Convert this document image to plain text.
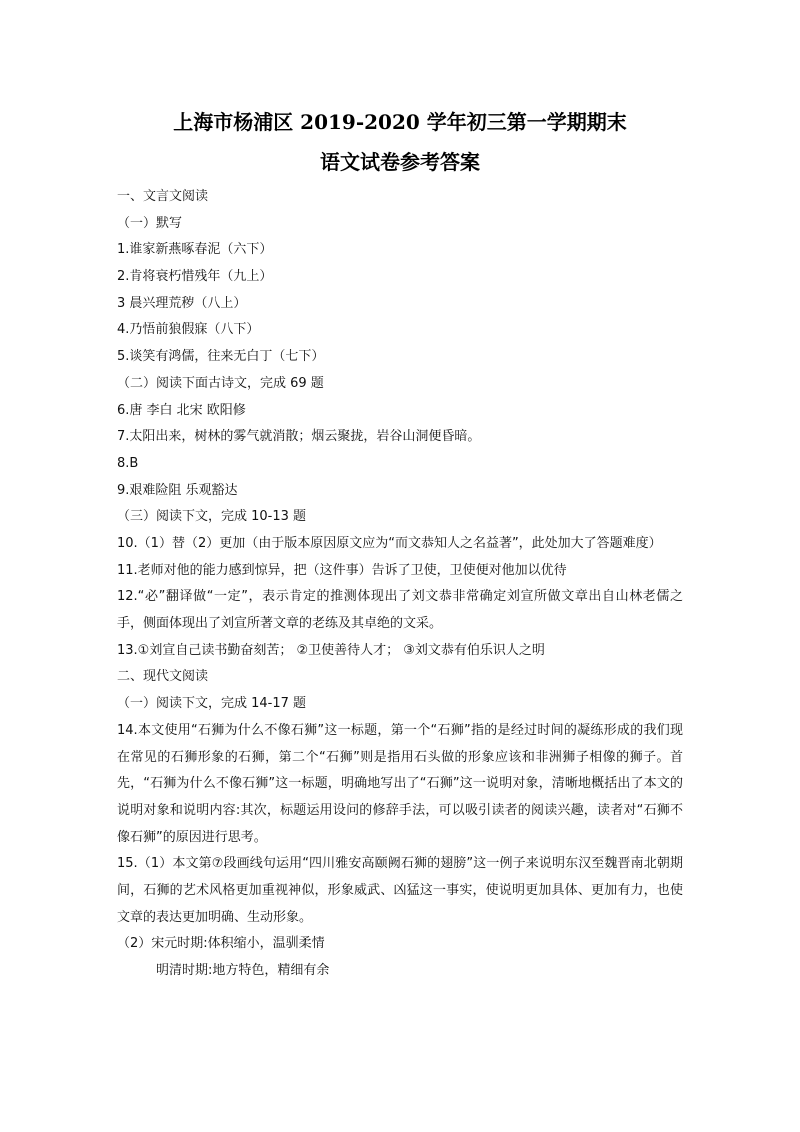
上海市杨浦区 2019-2020 学年初三第一学期期末
语文试卷参考答案
一、文言文阅读
（一）默写
1.谁家新燕啄春泥（六下）
2.肯将衰朽惜残年（九上）
3 晨兴理荒秽（八上）
4.乃悟前狼假寐（八下）
5.谈笑有鸿儒，往来无白丁（七下）
（二）阅读下面古诗文，完成 69 题
6.唐 李白 北宋 欧阳修
7.太阳出来，树林的雾气就消散；烟云聚拢，岩谷山洞便昏暗。
8.B
9.艰难险阻 乐观豁达
（三）阅读下文，完成 10-13 题
10.（1）替（2）更加（由于版本原因原文应为“而文恭知人之名益著”，此处加大了答题难度）
11.老师对他的能力感到惊异，把（这件事）告诉了卫使，卫使便对他加以优待
12.“必”翻译做“一定”，表示肯定的推测体现出了刘文恭非常确定刘宣所做文章出自山林老儒之手，侧面体现出了刘宣所著文章的老练及其卓绝的文采。
13.①刘宣自己读书勤奋刻苦； ②卫使善待人才； ③刘文恭有伯乐识人之明
二、现代文阅读
（一）阅读下文，完成 14-17 题
14.本文使用“石狮为什么不像石狮”这一标题，第一个“石狮”指的是经过时间的凝练形成的我们现在常见的石狮形象的石狮，第二个“石狮”则是指用石头做的形象应该和非洲狮子相像的狮子。首先，“石狮为什么不像石狮”这一标题，明确地写出了“石狮”这一说明对象，清晰地概括出了本文的说明对象和说明内容:其次，标题运用设问的修辞手法，可以吸引读者的阅读兴趣，读者对“石狮不像石狮”的原因进行思考。
15.（1）本文第⑦段画线句运用“四川雅安高颐阙石狮的翅膀”这一例子来说明东汉至魏晋南北朝期间，石狮的艺术风格更加重视神似，形象威武、凶猛这一事实，使说明更加具体、更加有力，也使文章的表达更加明确、生动形象。
（2）宋元时期:体积缩小，温驯柔情
明清时期:地方特色，精细有余
